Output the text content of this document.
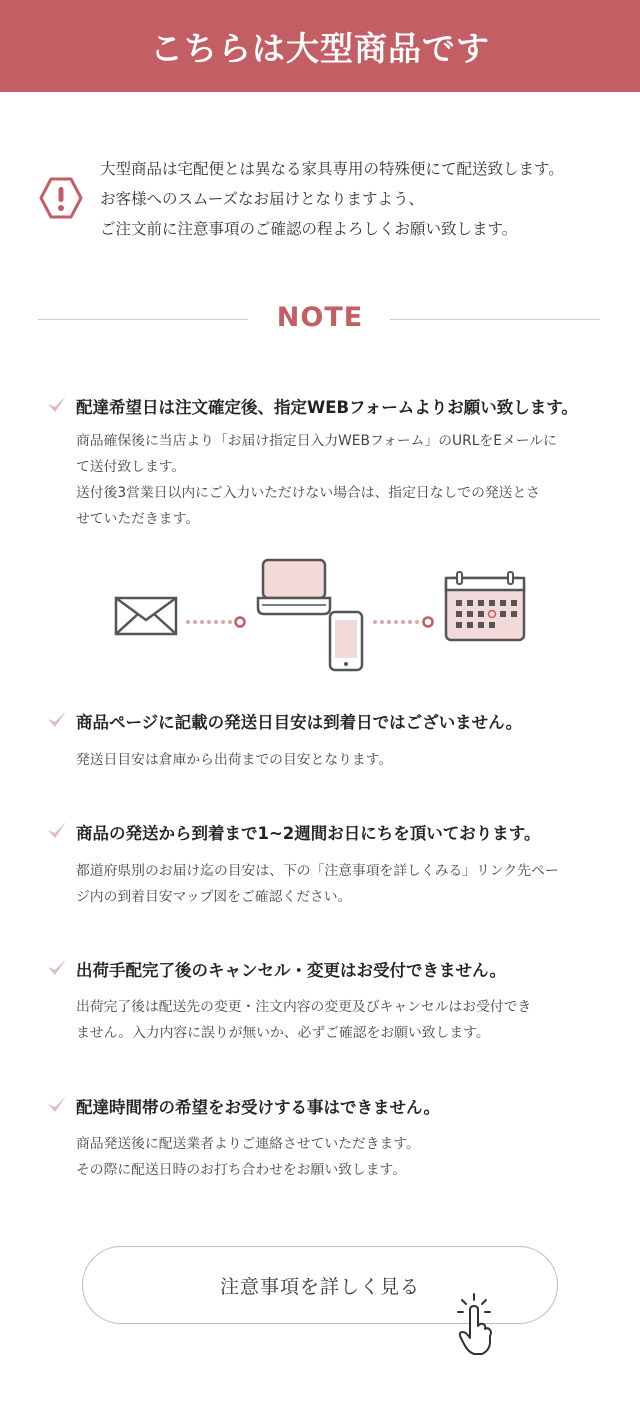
こちらは大型商品です
大型商品は宅配便とは異なる家具専用の特殊便にて配送致します。
お客様へのスムーズなお届けとなりますよう、
ご注文前に注意事項のご確認の程よろしくお願い致します。
NOTE
配達希望日は注文確定後、指定WEBフォームよりお願い致します。
商品確保後に当店より「お届け指定日入力WEBフォーム」のURLをEメールに
て送付致します。
送付後3営業日以内にご入力いただけない場合は、指定日なしでの発送とさ
せていただきます。
商品ページに記載の発送日目安は到着日ではございません。
発送日目安は倉庫から出荷までの目安となります。
商品の発送から到着まで1~2週間お日にちを頂いております。
都道府県別のお届け迄の目安は、下の「注意事項を詳しくみる」リンク先ペー
ジ内の到着目安マップ図をご確認ください。
出荷手配完了後のキャンセル・変更はお受付できません。
出荷完了後は配送先の変更・注文内容の変更及びキャンセルはお受付でき
ません。入力内容に誤りが無いか、必ずご確認をお願い致します。
配達時間帯の希望をお受けする事はできません。
商品発送後に配送業者よりご連絡させていただきます。
その際に配送日時のお打ち合わせをお願い致します。
注意事項を詳しく見る
